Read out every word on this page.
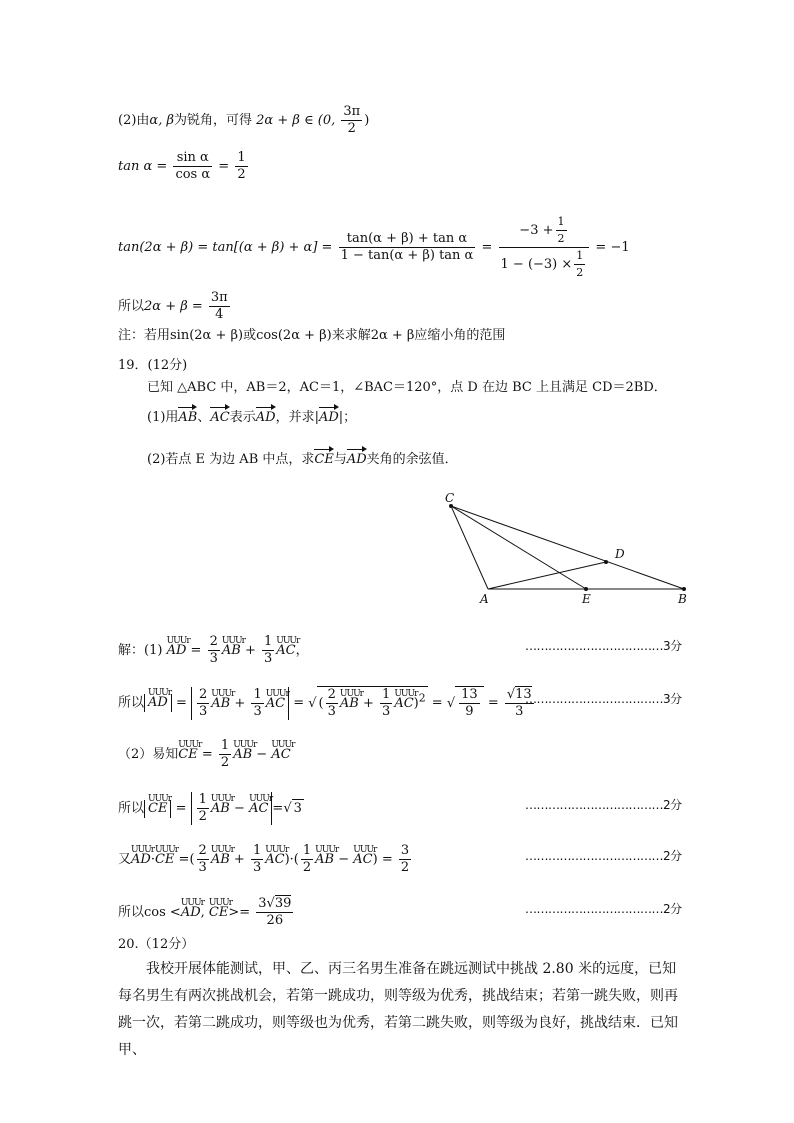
(2)由α, β为锐角，可得 2α + β ∈ (0, $\frac{3\pi}{2}$ )
$\tan \alpha = \frac{\text{sin α}}{\text{cos α}} = \frac{1}{2}$
$\tan(2\alpha + \beta) = \tan[(\alpha + \beta) + \alpha] = \frac{\text{tan(α + β) + tan α}}{\text{1 − tan(α + β) tan α}} = \frac{-3 + \frac{1}{2}}{1 - (-3) \times \frac{1}{2}} = -1$
所以$2\alpha + \beta = \frac{3\pi}{4}$
注：若用sin(2α + β)或cos(2α + β)来求解2α + β应缩小角的范围
19．(12分)
已知 △ABC 中，AB＝2，AC＝1，∠BAC＝120°，点 D 在边 BC 上且满足 CD＝2BD．
(1)用AB、AC表示AD，并求|AD|；
(2)若点 E 为边 AB 中点，求CE与AD夹角的余弦值．
C
D
A	E	B
解：(1)
UUUr
AD = $\frac{2}{3}$ UUUr
AB + $\frac{1}{3}$ UUUr
AC，	………………………………3分
所以
UUUr
AD = $\frac{2}{3}$ UUUr
AB + $\frac{1}{3}$ UUUr
AC = √ ( $\frac{2}{3}$ UUUr
AB + $\frac{1}{3}$ UUUr
AC)$^2$ = √ $\frac{13}{9} = \frac{√13}{3}$
………………………………3分
（2）易知
UUUr
CE = $\frac{1}{2}$ UUUr
AB −
UUUr
AC
所以
UUUr
CE = $\frac{1}{2}$ UUUr
AB −
UUUr
AC =√ 3	………………………………2分
又
UUUr
AD·
UUUr
CE =( $\frac{2}{3}$ UUUr
AB + $\frac{1}{3}$ UUUr
$AC)\cdot( \frac{1}{2}$ UUUr
AB −
UUUr
$AC) = \frac{3}{2}$	………………………………2分
所以cos <
UUUr
AD,
UUUr
$CE>= \frac{3√39}{26}$	………………………………2分
20.（12分）

我校开展体能测试，甲、乙、丙三名男生准备在跳远测试中挑战 2.80 米的远度，已知每名男生有两次挑战机会，若第一跳成功，则等级为优秀，挑战结束；若第一跳失败，则再跳一次，若第二跳成功，则等级也为优秀，若第二跳失败，则等级为良好，挑战结束．已知甲、
